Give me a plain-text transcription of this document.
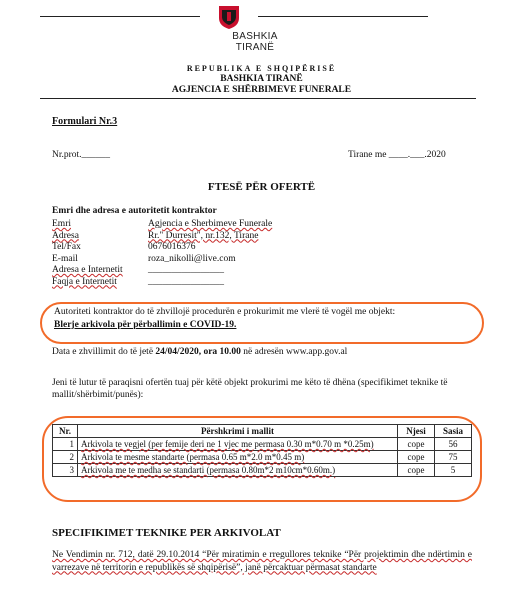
BASHKIA
TIRANË
REPUBLIKA E SHQIPËRISË
BASHKIA TIRANË
AGJENCIA E SHËRBIMEVE FUNERALE
Formulari Nr.3
Nr.prot.______	Tirane me ____.___.2020
FTESË PËR OFERTË
Emri dhe adresa e autoritetit kontraktor
Emri	Agjencia e Sherbimeve Funerale
Adresa	Rr." Durresit", nr.132, Tirane
Tel/Fax	0676016376
E-mail	roza_nikolli@live.com
Adresa e Internetit	________________
Faqja e Internetit	________________
Autoriteti kontraktor do të zhvillojë procedurën e prokurimit me vlerë të vogël me objekt:
Blerje arkivola për përballimin e COVID-19.
Data e zhvillimit do të jetë 24/04/2020, ora 10.00 në adresën www.app.gov.al
Jeni të lutur të paraqisni ofertën tuaj për këtë objekt prokurimi me këto të dhëna (specifikimet teknike të mallit/shërbimit/punës):
Nr.	Përshkrimi i mallit	Njesi	Sasia
1	Arkivola te vegjel (per femije deri ne 1 vjec me permasa 0.30 m*0.70 m *0.25m)	cope	56
2	Arkivola te mesme standarte (permasa 0.65 m*2.0 m*0.45 m)	cope	75
3	Arkivola me te medha se standarti (permasa 0.80m*2 m10cm*0.60m.)	cope	5
SPECIFIKIMET TEKNIKE PER ARKIVOLAT
Ne Vendimin nr. 712, datë 29.10.2014 “Për miratimin e rregullores teknike “Për projektimin dhe ndërtimin e varrezave në territorin e republikës së shqipërisë”, janë përcaktuar përmasat standarte
